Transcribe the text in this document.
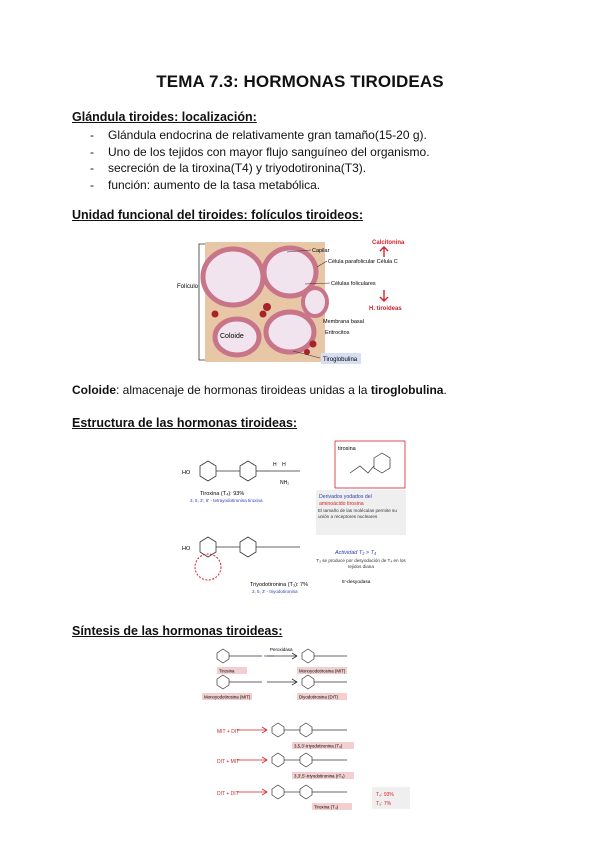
TEMA 7.3: HORMONAS TIROIDEAS
Glándula tiroides: localización:
- Glándula endocrina de relativamente gran tamaño(15-20 g).
- Uno de los tejidos con mayor flujo sanguíneo del organismo.
- secreción de la tiroxina(T4) y triyodotironina(T3).
- función: aumento de la tasa metabólica.
Unidad funcional del tiroides: folículos tiroideos:
Folículo
Capilar
Célula parafolicular Célula C
Células foliculares
Membrana basal
Eritrocitos
Coloide
Tiroglobulina
Calcitonina
H. tiroideas
Coloide: almacenaje de hormonas tiroideas unidas a la tiroglobulina.
Estructura de las hormonas tiroideas:
HO
H    H
NH₂
Tiroxina (T₄): 93%
3, 5, 3', 5' - tetrayodotironina tiroxina
HO
Triyodotironina (T₃): 7%
3, 5, 3' - triyodotironina
tirosina
Derivados yodados del
aminoácido tirosina
El tamaño de las moléculas permite su unión a receptores nucleares
Actividad T₃ > T₄
T₃ se produce por desyodación de T₄ en los tejidos diana
5'-desyodasa
Síntesis de las hormonas tiroideas:
Peroxidasa
Tirosina	Monoyodotirosina (MIT)
Monoyodotirosina (MIT)	Diyodotirosina (DIT)
MIT + DIT
3,5,3'-triyodotironina (T₃)
DIT + MIT
3,3',5'-triyodotironina (rT₃)
DIT + DIT
Tiroxina (T₄)
T₄: 93%
T₃: 7%
